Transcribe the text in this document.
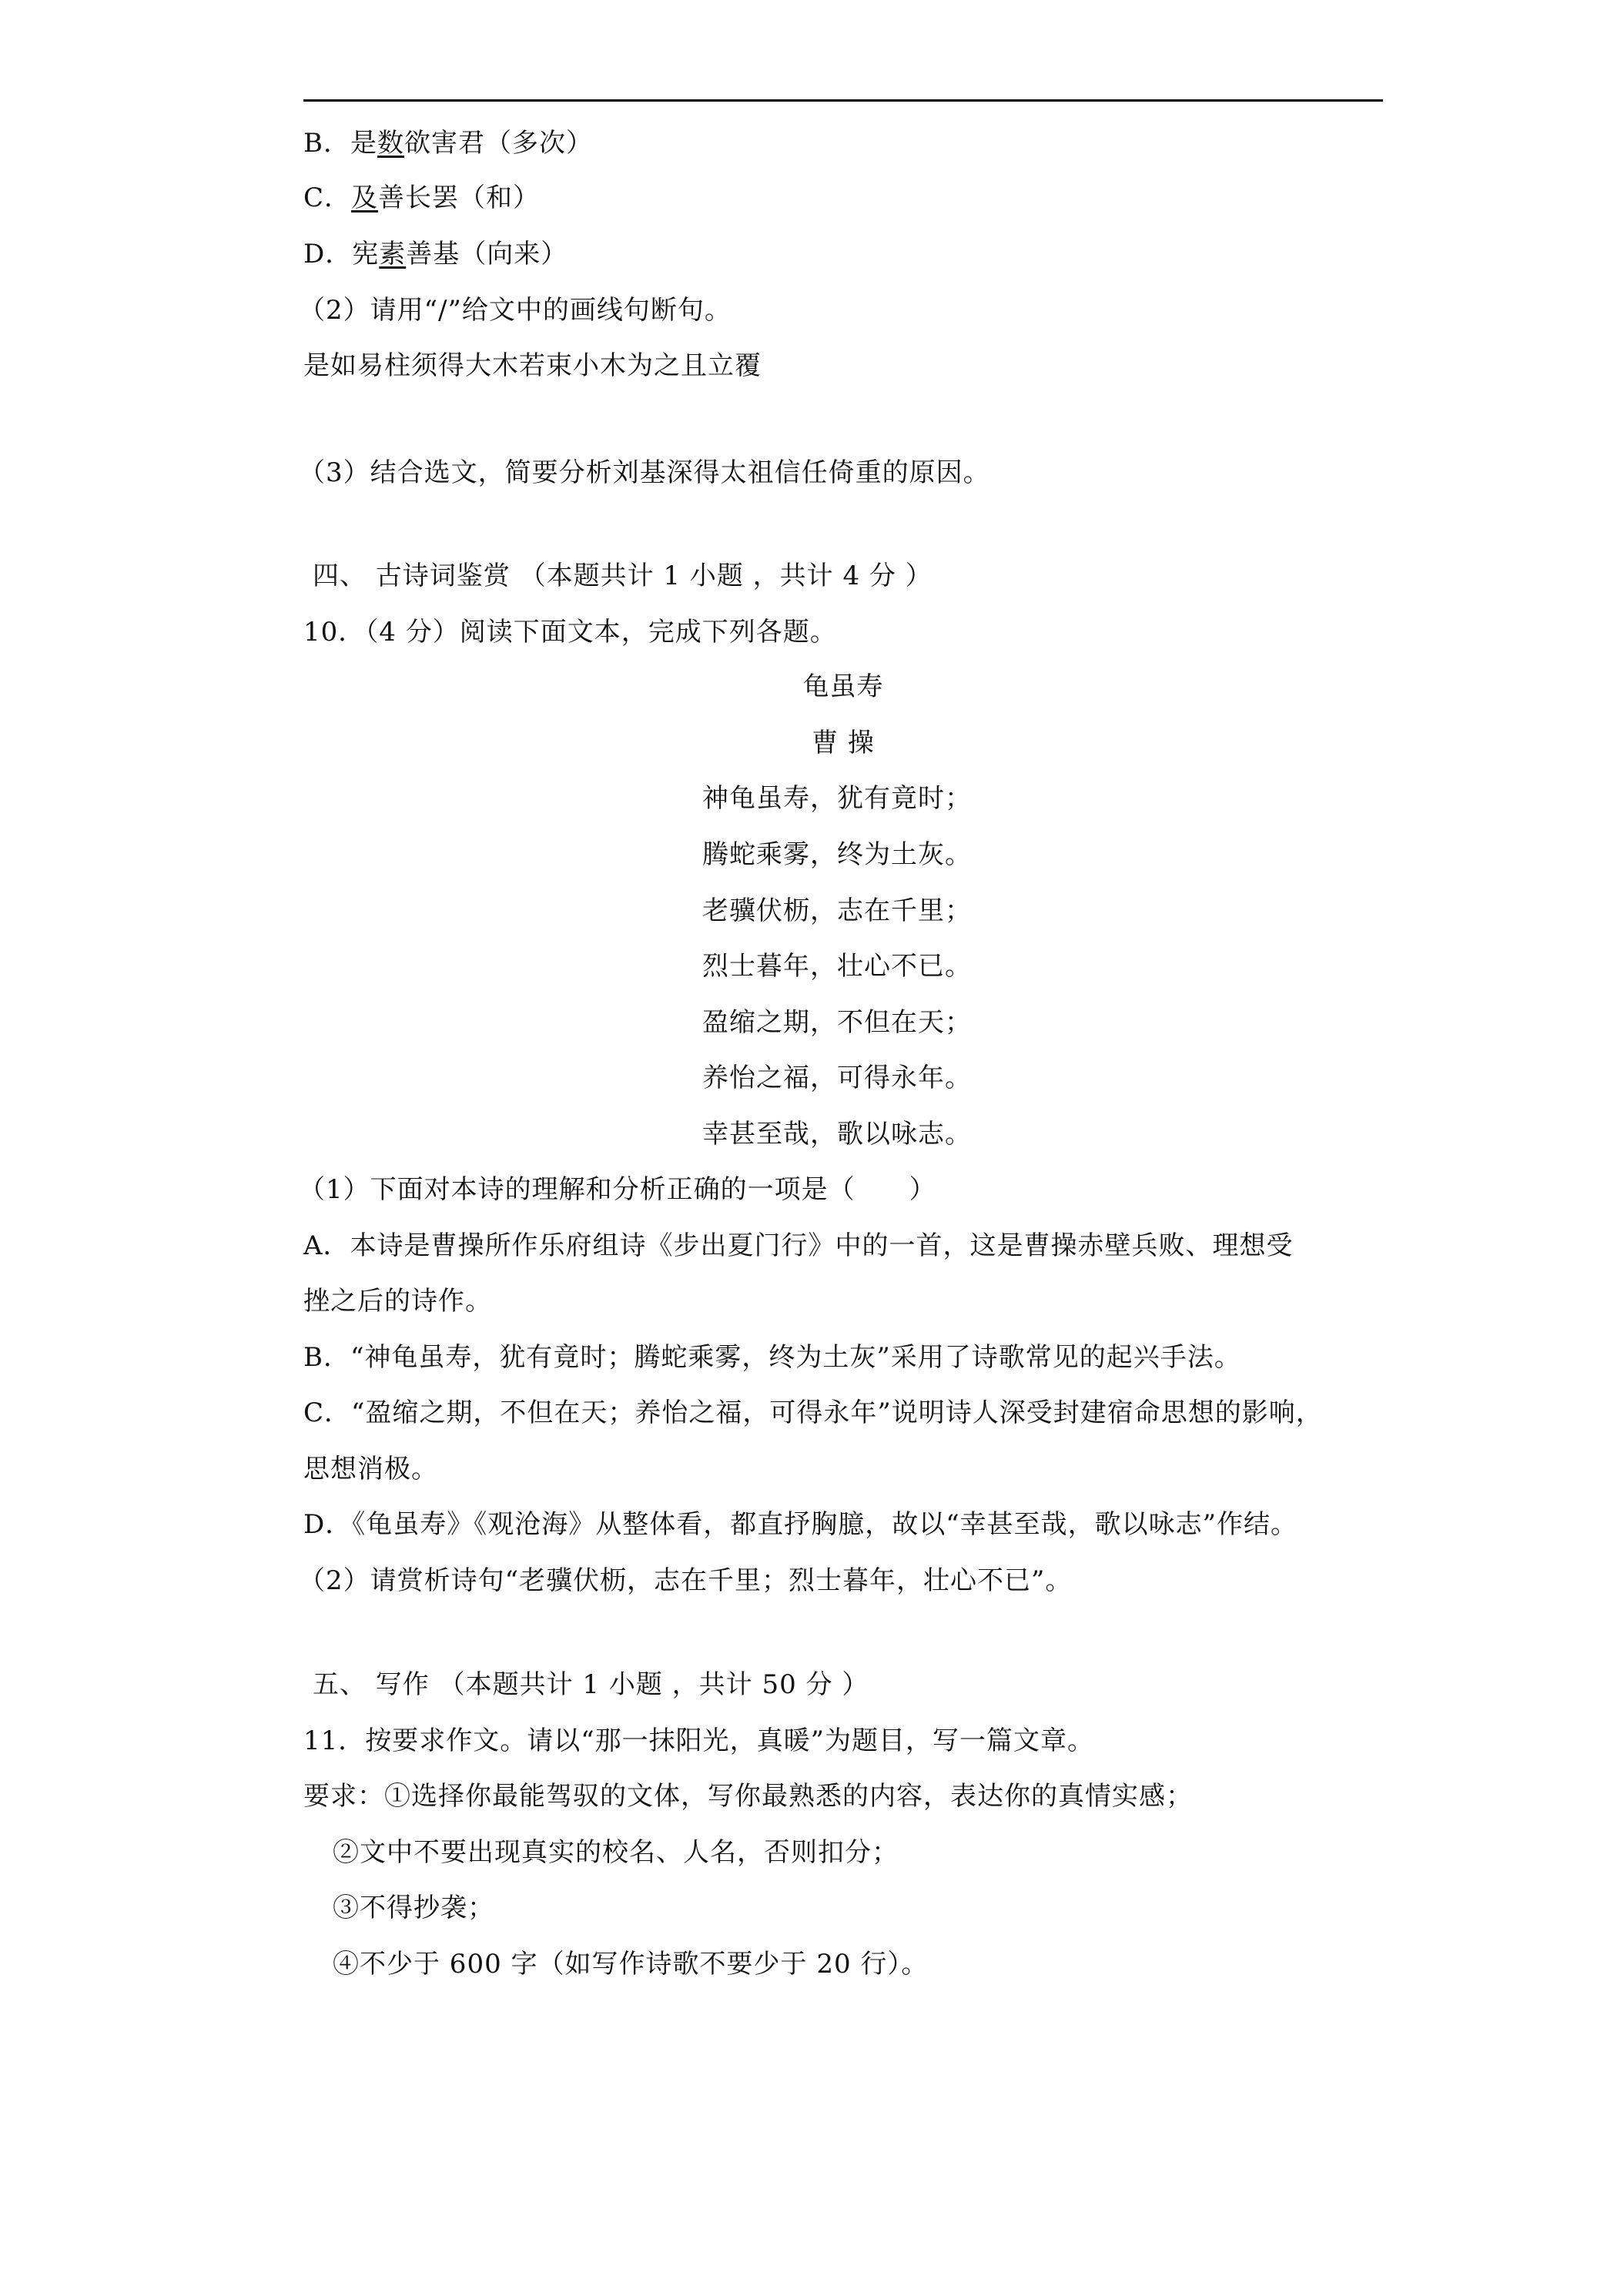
B．是数欲害君（多次）
C．及善长罢（和）
D．宪素善基（向来）
（2）请用“/”给文中的画线句断句。
是如易柱须得大木若束小木为之且立覆
（3）结合选文，简要分析刘基深得太祖信任倚重的原因。
四、 古诗词鉴赏 （本题共计 1 小题 ，共计 4 分 ）
10．（4 分）阅读下面文本，完成下列各题。
龟虽寿
曹 操
神龟虽寿，犹有竟时；
腾蛇乘雾，终为土灰。
老骥伏枥，志在千里；
烈士暮年，壮心不已。
盈缩之期，不但在天；
养怡之福，可得永年。
幸甚至哉，歌以咏志。
（1）下面对本诗的理解和分析正确的一项是（　　）
A．本诗是曹操所作乐府组诗《步出夏门行》中的一首，这是曹操赤壁兵败、理想受
挫之后的诗作。
B．“神龟虽寿，犹有竟时；腾蛇乘雾，终为土灰”采用了诗歌常见的起兴手法。
C．“盈缩之期，不但在天；养怡之福，可得永年”说明诗人深受封建宿命思想的影响，
思想消极。
D．《龟虽寿》《观沧海》从整体看，都直抒胸臆，故以“幸甚至哉，歌以咏志”作结。
（2）请赏析诗句“老骥伏枥，志在千里；烈士暮年，壮心不已”。
五、 写作 （本题共计 1 小题 ，共计 50 分 ）
11．按要求作文。请以“那一抹阳光，真暖”为题目，写一篇文章。
要求：①选择你最能驾驭的文体，写你最熟悉的内容，表达你的真情实感；
②文中不要出现真实的校名、人名，否则扣分；
③不得抄袭；
④不少于 600 字（如写作诗歌不要少于 20 行）。
